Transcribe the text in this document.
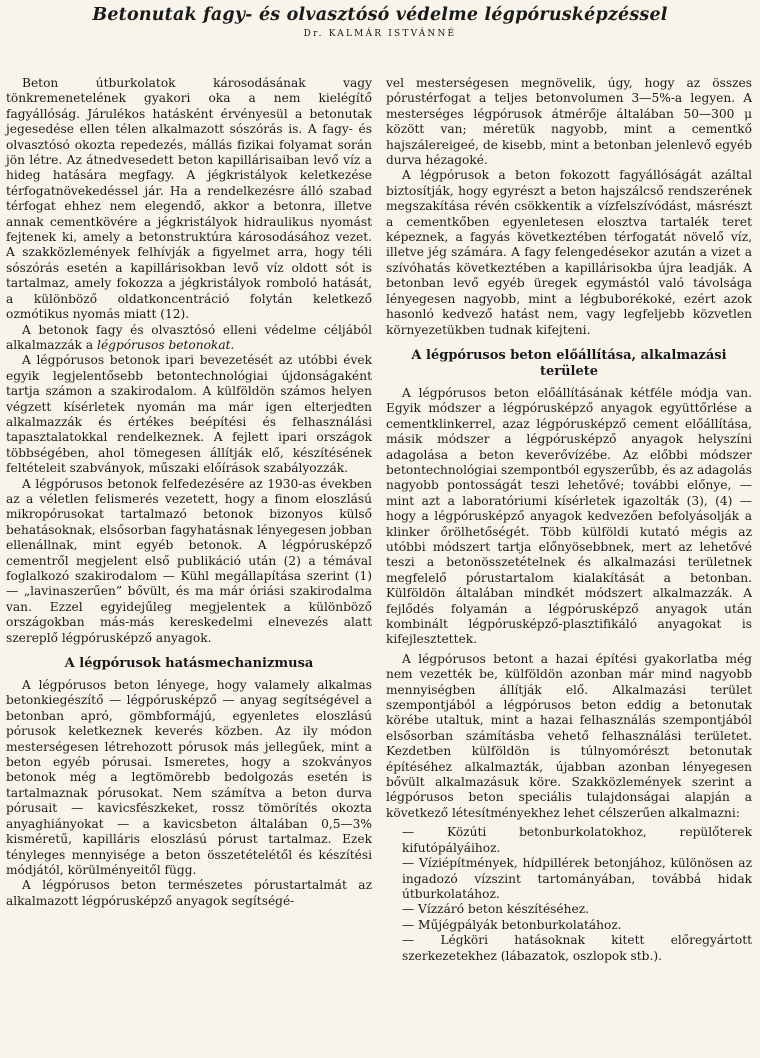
Betonutak fagy- és olvasztósó védelme légpórusképzéssel
Dr. KALMÁR ISTVÁNNÉ

Beton útburkolatok károsodásának vagy tönkremenetelének gyakori oka a nem kielégítő fagyállóság. Járulékos hatásként érvényesül a betonutak jegesedése ellen télen alkalmazott sószórás is. A fagy- és olvasztósó okozta repedezés, mállás fizikai folyamat során jön létre. Az átnedvesedett beton kapillárisaiban levő víz a hideg hatására megfagy. A jégkristályok keletkezése térfogatnövekedéssel jár. Ha a rendelkezésre álló szabad térfogat ehhez nem elegendő, akkor a betonra, illetve annak cementkövére a jégkristályok hidraulikus nyomást fejtenek ki, amely a betonstruktúra károsodásához vezet. A szakközlemények felhívják a figyelmet arra, hogy téli sószórás esetén a kapillárisokban levő víz oldott sót is tartalmaz, amely fokozza a jégkristályok romboló hatását, a különböző oldatkoncentráció folytán keletkező ozmótikus nyomás miatt (12).

A betonok fagy és olvasztósó elleni védelme céljából alkalmazzák a légpórusos betonokat.

A légpórusos betonok ipari bevezetését az utóbbi évek egyik legjelentősebb betontechnológiai újdonságaként tartja számon a szakirodalom. A külföldön számos helyen végzett kísérletek nyomán ma már igen elterjedten alkalmazzák és értékes beépítési és felhasználási tapasztalatokkal rendelkeznek. A fejlett ipari országok többségében, ahol tömegesen állítják elő, készítésének feltételeit szabványok, műszaki előírások szabályozzák.

A légpórusos betonok felfedezésére az 1930-as években az a véletlen felismerés vezetett, hogy a finom eloszlású mikropórusokat tartalmazó betonok bizonyos külső behatásoknak, elsősorban fagyhatásnak lényegesen jobban ellenállnak, mint egyéb betonok. A légpórusképző cementről megjelent első publikáció után (2) a témával foglalkozó szakirodalom — Kühl megállapítása szerint (1) — „lavinaszerűen” bővült, és ma már óriási szakirodalma van. Ezzel egyidejűleg megjelentek a különböző országokban más-más kereskedelmi elnevezés alatt szereplő légpórusképző anyagok.

A légpórusok hatásmechanizmusa

A légpórusos beton lényege, hogy valamely alkalmas betonkiegészítő — légpórusképző — anyag segítségével a betonban apró, gömbformájú, egyenletes eloszlású pórusok keletkeznek keverés közben. Az ily módon mesterségesen létrehozott pórusok más jellegűek, mint a beton egyéb pórusai. Ismeretes, hogy a szokványos betonok még a legtömörebb bedolgozás esetén is tartalmaznak pórusokat. Nem számítva a beton durva pórusait — kavicsfészkeket, rossz tömörítés okozta anyaghiányokat — a kavicsbeton általában 0,5—3% kisméretű, kapilláris eloszlású pórust tartalmaz. Ezek tényleges mennyisége a beton összetételétől és készítési módjától, körülményeitől függ.

A légpórusos beton természetes pórustartalmát az alkalmazott légpórusképző anyagok segítségé-

vel mesterségesen megnövelik, úgy, hogy az összes pórustérfogat a teljes betonvolumen 3—5%-a legyen. A mesterséges légpórusok átmérője általában 50—300 μ között van; méretük nagyobb, mint a cementkő hajszálereigeé, de kisebb, mint a betonban jelenlevő egyéb durva hézagoké.

A légpórusok a beton fokozott fagyállóságát azáltal biztosítják, hogy egyrészt a beton hajszálcső rendszerének megszakítása révén csökkentik a vízfelszívódást, másrészt a cementkőben egyenletesen elosztva tartalék teret képeznek, a fagyás következtében térfogatát növelő víz, illetve jég számára. A fagy felengedésekor azután a vizet a szívóhatás következtében a kapillárisokba újra leadják. A betonban levő egyéb üregek egymástól való távolsága lényegesen nagyobb, mint a légbuborékoké, ezért azok hasonló kedvező hatást nem, vagy legfeljebb közvetlen környezetükben tudnak kifejteni.

A légpórusos beton előállítása, alkalmazási területe

A légpórusos beton előállításának kétféle módja van. Egyik módszer a légpórusképző anyagok együttőrlése a cementklinkerrel, azaz légpórusképző cement előállítása, másik módszer a légpórusképző anyagok helyszíni adagolása a beton keverővízébe. Az előbbi módszer betontechnológiai szempontból egyszerűbb, és az adagolás nagyobb pontosságát teszi lehetővé; további előnye, — mint azt a laboratóriumi kísérletek igazolták (3), (4) — hogy a légpórusképző anyagok kedvezően befolyásolják a klinker őrölhetőségét. Több külföldi kutató mégis az utóbbi módszert tartja előnyösebbnek, mert az lehetővé teszi a betonösszetételnek és alkalmazási területnek megfelelő pórustartalom kialakítását a betonban. Külföldön általában mindkét módszert alkalmazzák. A fejlődés folyamán a légpórusképző anyagok után kombinált légpórusképző-plasztifikáló anyagokat is kifejlesztettek.

A légpórusos betont a hazai építési gyakorlatba még nem vezették be, külföldön azonban már mind nagyobb mennyiségben állítják elő. Alkalmazási terület szempontjából a légpórusos beton eddig a betonutak körébe utaltuk, mint a hazai felhasználás szempontjából elsősorban számításba vehető felhasználási területet. Kezdetben külföldön is túlnyomórészt betonutak építéséhez alkalmazták, újabban azonban lényegesen bővült alkalmazásuk köre. Szakközlemények szerint a légpórusos beton speciális tulajdonságai alapján a következő létesítményekhez lehet célszerűen alkalmazni:

— Közúti betonburkolatokhoz, repülőterek kifutópályáihoz.
— Víziépítmények, hídpillérek betonjához, különösen az ingadozó vízszint tartományában, továbbá hidak útburkolatához.
— Vízzáró beton készítéséhez.
— Műjégpályák betonburkolatához.
— Légköri hatásoknak kitett előregyártott szerkezetekhez (lábazatok, oszlopok stb.).
